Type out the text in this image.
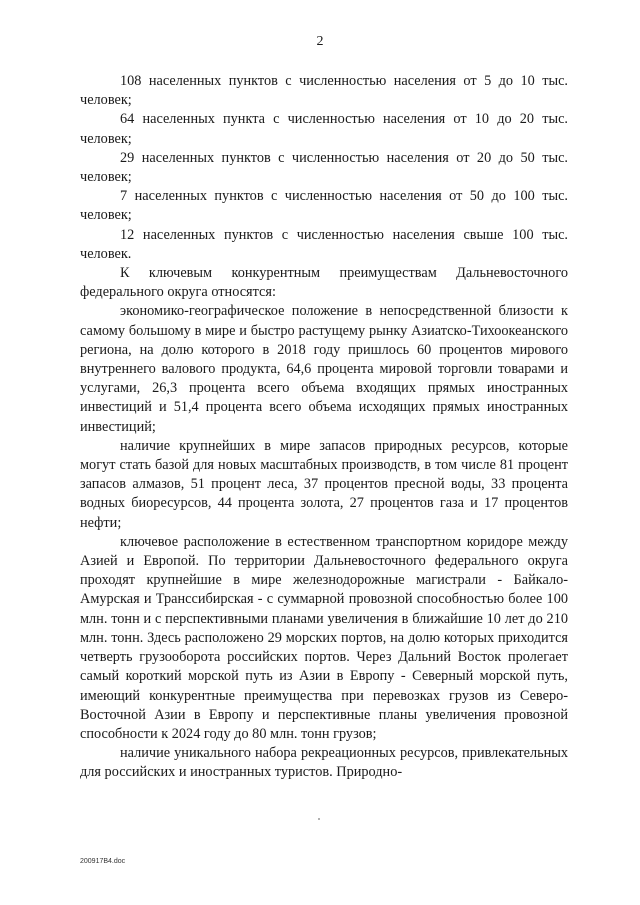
2

108 населенных пунктов с численностью населения от 5 до 10 тыс. человек;

64 населенных пункта с численностью населения от 10 до 20 тыс. человек;

29 населенных пунктов с численностью населения от 20 до 50 тыс. человек;

7 населенных пунктов с численностью населения от 50 до 100 тыс. человек;

12 населенных пунктов с численностью населения свыше 100 тыс. человек.

К ключевым конкурентным преимуществам Дальневосточного федерального округа относятся:

экономико-географическое положение в непосредственной близости к самому большому в мире и быстро растущему рынку Азиатско-Тихоокеанского региона, на долю которого в 2018 году пришлось 60 процентов мирового внутреннего валового продукта, 64,6 процента мировой торговли товарами и услугами, 26,3 процента всего объема входящих прямых иностранных инвестиций и 51,4 процента всего объема исходящих прямых иностранных инвестиций;

наличие крупнейших в мире запасов природных ресурсов, которые могут стать базой для новых масштабных производств, в том числе 81 процент запасов алмазов, 51 процент леса, 37 процентов пресной воды, 33 процента водных биоресурсов, 44 процента золота, 27 процентов газа и 17 процентов нефти;

ключевое расположение в естественном транспортном коридоре между Азией и Европой. По территории Дальневосточного федерального округа проходят крупнейшие в мире железнодорожные магистрали - Байкало-Амурская и Транссибирская - с суммарной провозной способностью более 100 млн. тонн и с перспективными планами увеличения в ближайшие 10 лет до 210 млн. тонн. Здесь расположено 29 морских портов, на долю которых приходится четверть грузооборота российских портов. Через Дальний Восток пролегает самый короткий морской путь из Азии в Европу - Северный морской путь, имеющий конкурентные преимущества при перевозках грузов из Северо-Восточной Азии в Европу и перспективные планы увеличения провозной способности к 2024 году до 80 млн. тонн грузов;

наличие уникального набора рекреационных ресурсов, привлекательных для российских и иностранных туристов. Природно-

200917В4.doc
